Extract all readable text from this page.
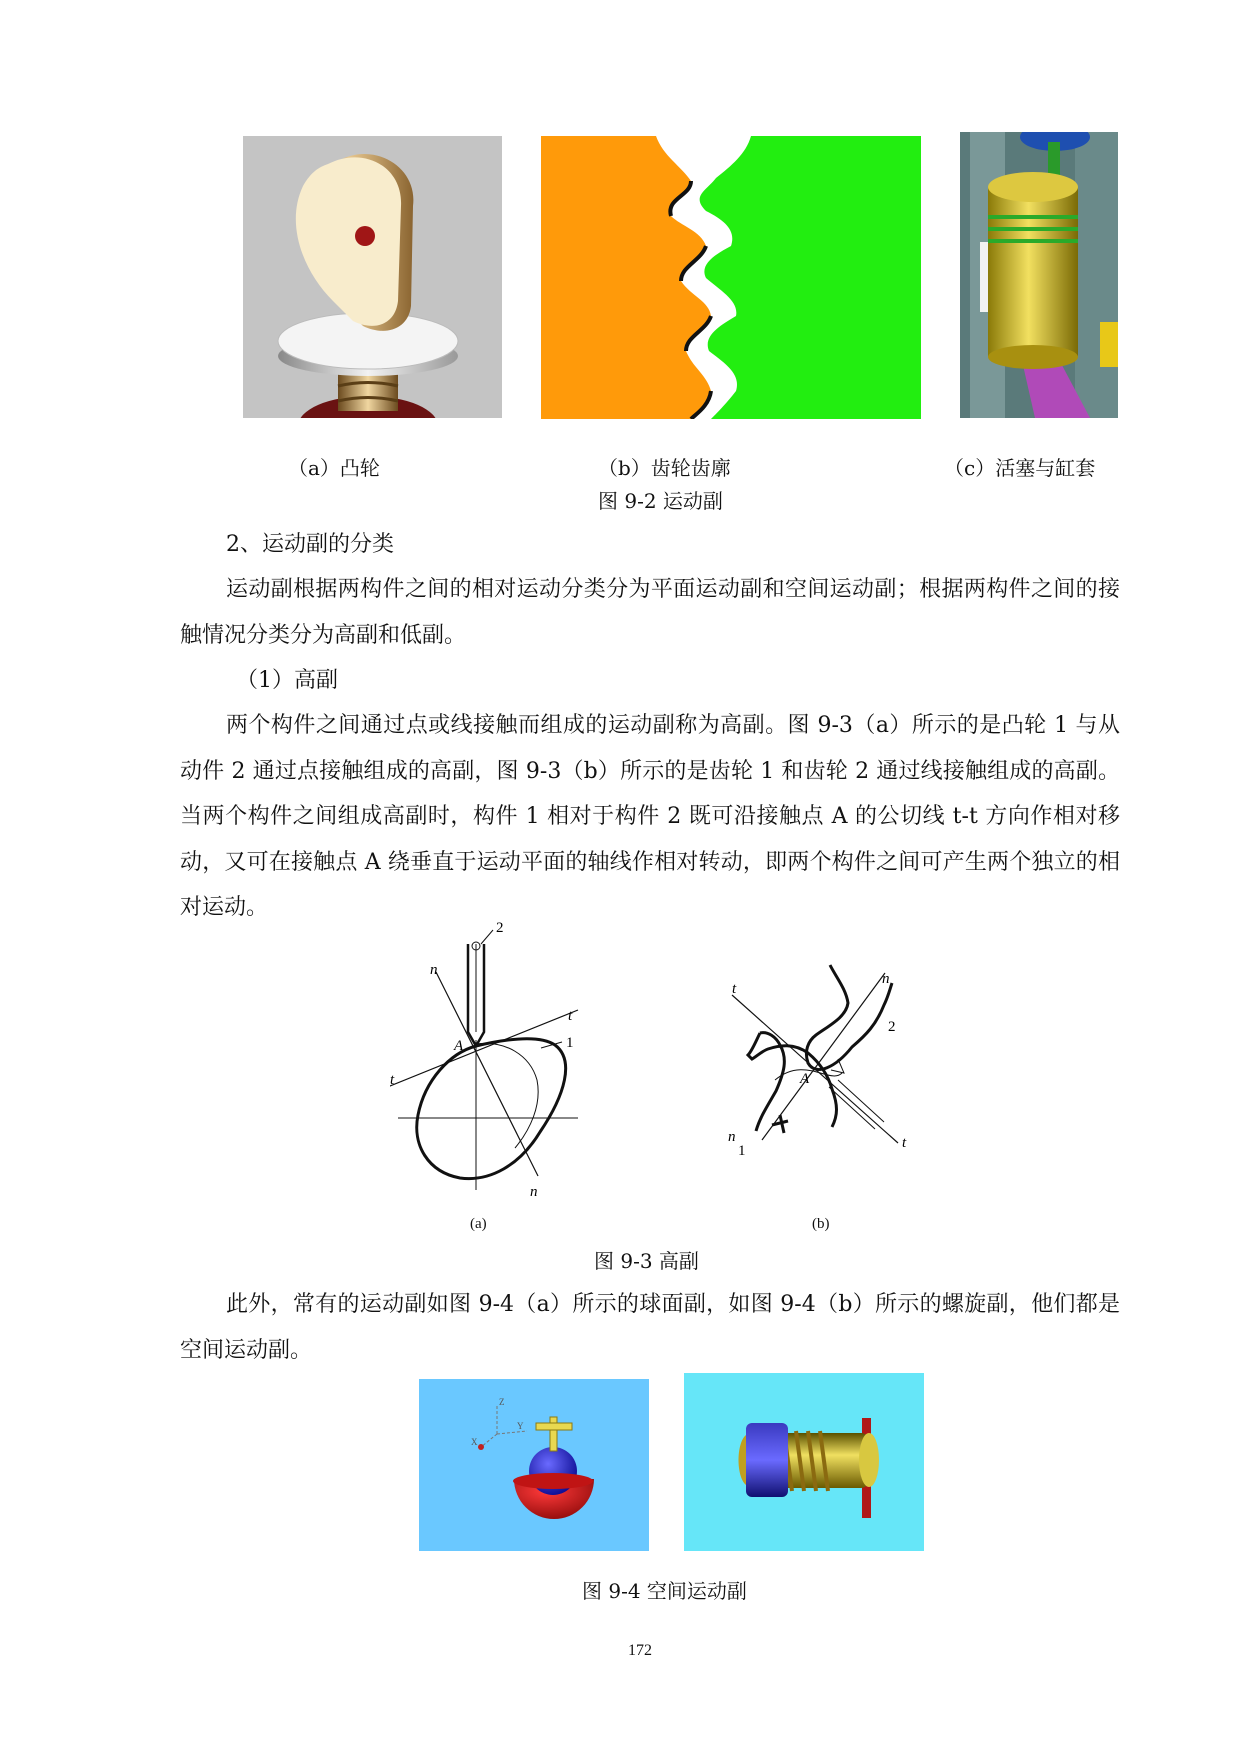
（a）凸轮	（b）齿轮齿廓	（c）活塞与缸套
图 9-2 运动副
2、运动副的分类
运动副根据两构件之间的相对运动分类分为平面运动副和空间运动副；根据两构件之间的接触情况分类分为高副和低副。
（1）高副
两个构件之间通过点或线接触而组成的运动副称为高副。图 9-3（a）所示的是凸轮 1 与从动件 2 通过点接触组成的高副，图 9-3（b）所示的是齿轮 1 和齿轮 2 通过线接触组成的高副。当两个构件之间组成高副时，构件 1 相对于构件 2 既可沿接触点 A 的公切线 t-t 方向作相对移动，又可在接触点 A 绕垂直于运动平面的轴线作相对转动，即两个构件之间可产生两个独立的相对运动。
2
n
t
A	1
t
n
t
n
2
A
n
1	t
(a)	(b)
图 9-3 高副
此外，常有的运动副如图 9-4（a）所示的球面副，如图 9-4（b）所示的螺旋副，他们都是空间运动副。
Z
X
Y
图 9-4 空间运动副
172
